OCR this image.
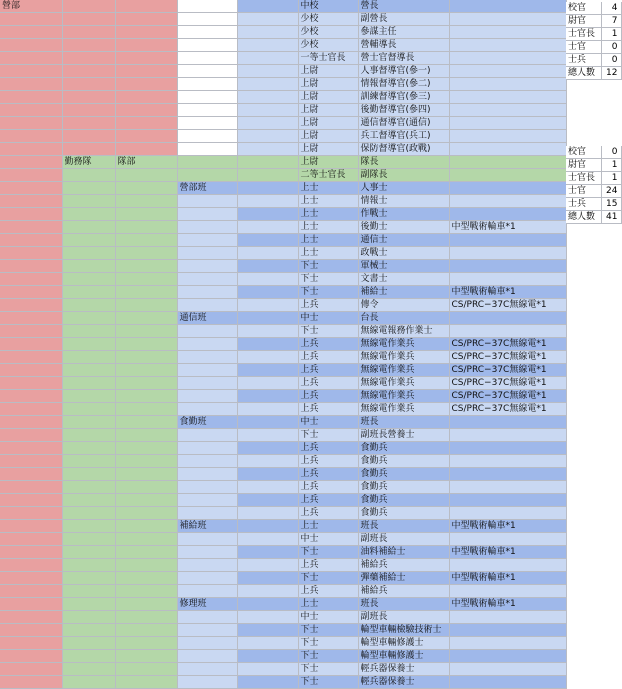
營部					中校	營長	
					少校	副營長	
					少校	參謀主任	
					少校	營輔導長	
					一等士官長	營士官督導長	
					上尉	人事督導官(參一)	
					上尉	情報督導官(參二)	
					上尉	訓練督導官(參三)	
					上尉	後勤督導官(參四)	
					上尉	通信督導官(通信)	
					上尉	兵工督導官(兵工)	
					上尉	保防督導官(政戰)	
	勤務隊	隊部			上尉	隊長	
					二等士官長	副隊長	
			營部班		上士	人事士	
					上士	情報士	
					上士	作戰士	
					上士	後勤士	中型戰術輪車*1
					上士	通信士	
					上士	政戰士	
					下士	軍械士	
					下士	文書士	
					下士	補給士	中型戰術輪車*1
					上兵	傳令	CS/PRC−37C無線電*1
			通信班		中士	台長	
					下士	無線電報務作業士	
					上兵	無線電作業兵	CS/PRC−37C無線電*1
					上兵	無線電作業兵	CS/PRC−37C無線電*1
					上兵	無線電作業兵	CS/PRC−37C無線電*1
					上兵	無線電作業兵	CS/PRC−37C無線電*1
					上兵	無線電作業兵	CS/PRC−37C無線電*1
					上兵	無線電作業兵	CS/PRC−37C無線電*1
			食勤班		中士	班長	
					下士	副班長營養士	
					上兵	食勤兵	
					上兵	食勤兵	
					上兵	食勤兵	
					上兵	食勤兵	
					上兵	食勤兵	
					上兵	食勤兵	
			補給班		上士	班長	中型戰術輪車*1
					中士	副班長	
					下士	油料補給士	中型戰術輪車*1
					上兵	補給兵	
					下士	彈藥補給士	中型戰術輪車*1
					上兵	補給兵	
			修理班		上士	班長	中型戰術輪車*1
					中士	副班長	
					下士	輪型車輛檢驗技術士	
					下士	輪型車輛修護士	
					下士	輪型車輛修護士	
					下士	輕兵器保養士	
					下士	輕兵器保養士	
校官	4
尉官	7
士官長	1
士官	0
士兵	0
總人數	12
校官	0
尉官	1
士官長	1
士官	24
士兵	15
總人數	41
